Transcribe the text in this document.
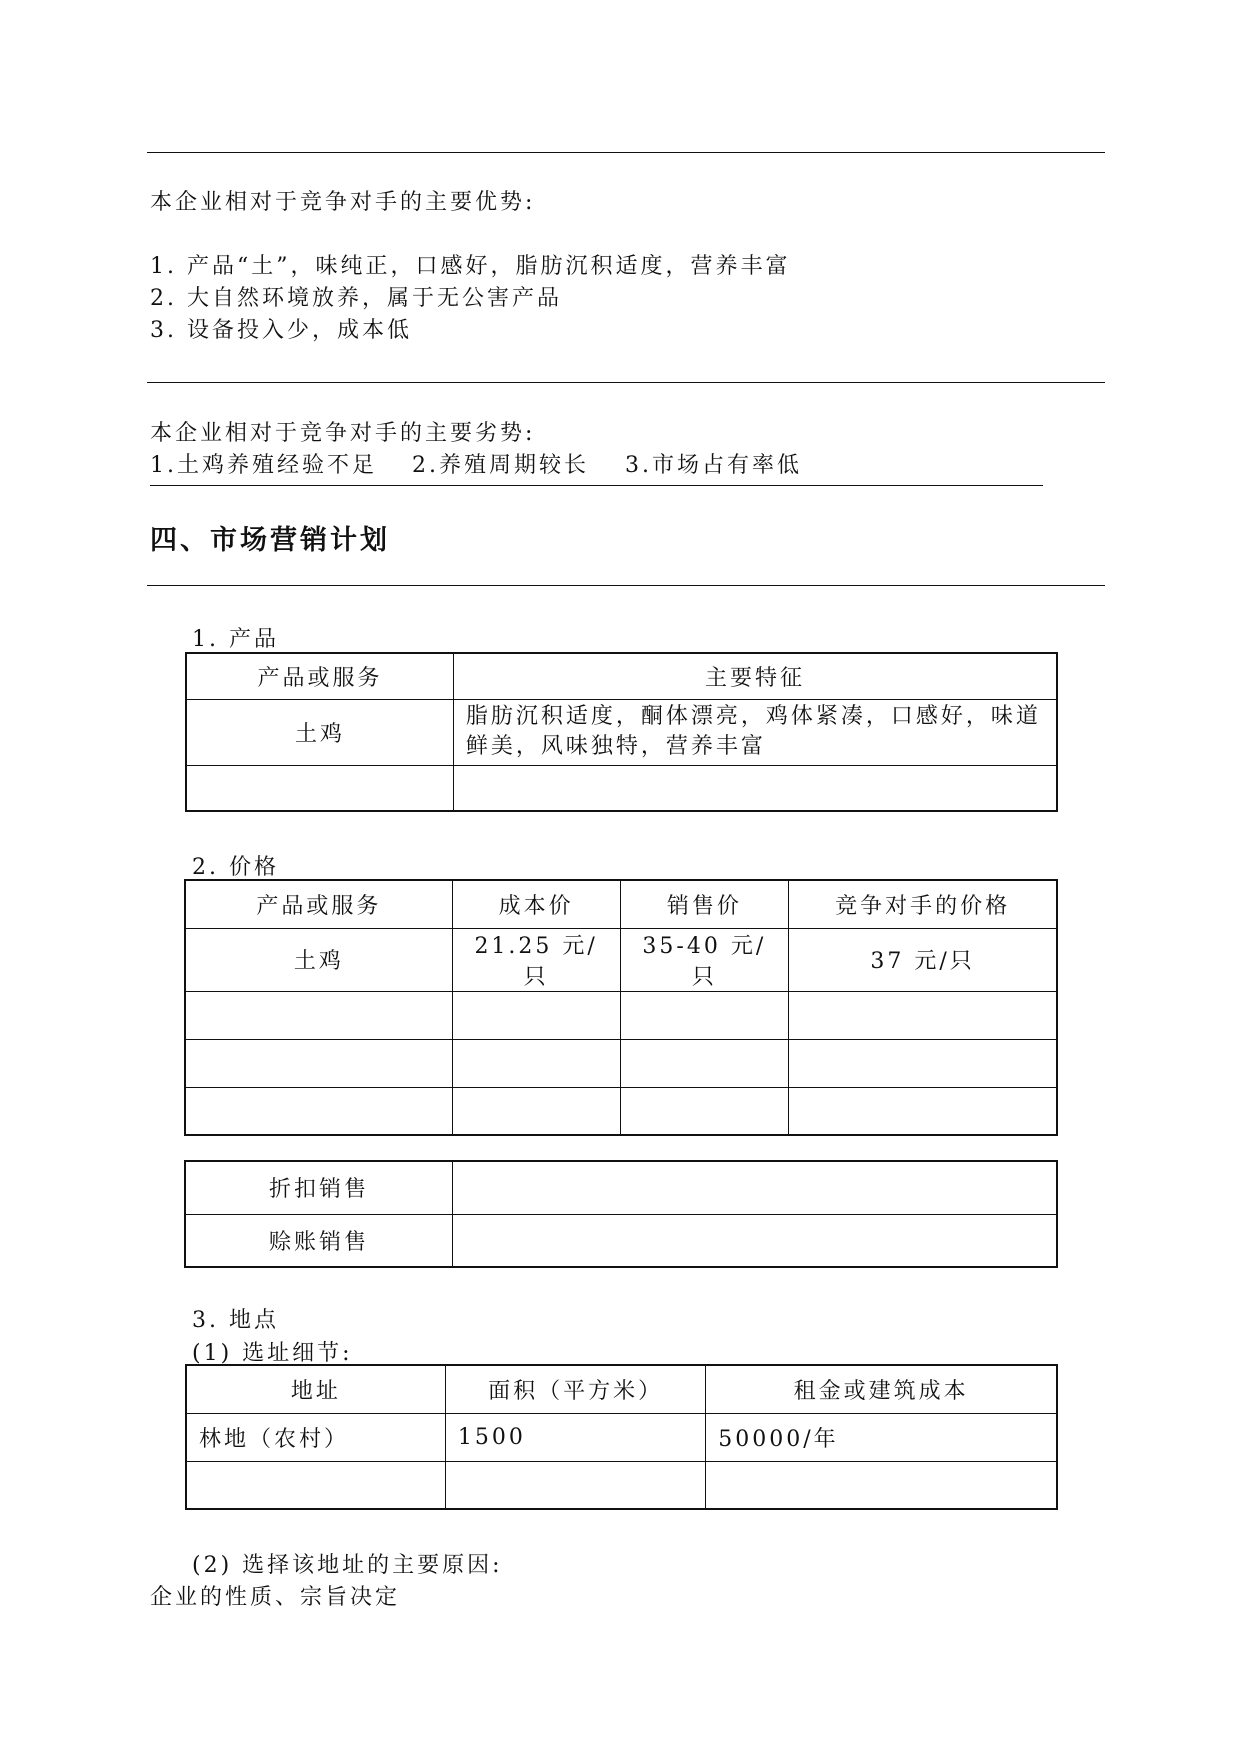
本企业相对于竞争对手的主要优势:
1. 产品“土”，味纯正，口感好，脂肪沉积适度，营养丰富
2. 大自然环境放养，属于无公害产品
3. 设备投入少，成本低
本企业相对于竞争对手的主要劣势:
1.土鸡养殖经验不足 2.养殖周期较长 3.市场占有率低
四、市场营销计划
1. 产品
产品或服务	主要特征
土鸡	脂肪沉积适度，酮体漂亮，鸡体紧凑，口感好，味道
鲜美，风味独特，营养丰富

2. 价格
产品或服务	成本价	销售价	竞争对手的价格
土鸡	21.25 元/只	35-40 元/只	37 元/只

折扣销售	
赊账销售	
3. 地点
(1) 选址细节:
地址	面积（平方米）	租金或建筑成本
林地（农村）	1500	50000/年

(2) 选择该地址的主要原因:
企业的性质、宗旨决定
